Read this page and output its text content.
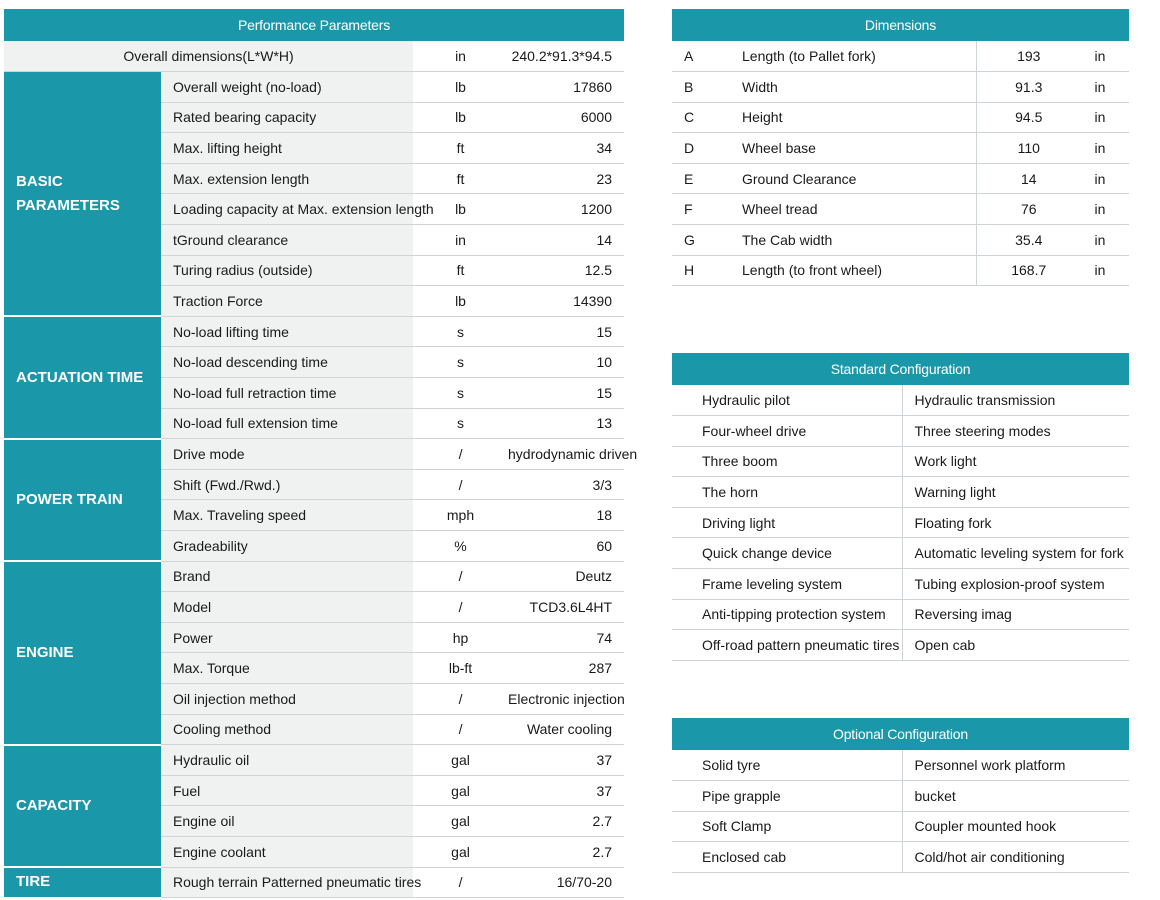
Performance Parameters
Overall dimensions(L*W*H)		in	240.2*91.3*94.5
BASIC
PARAMETERS	Overall weight (no-load)	lb	17860
	Rated bearing capacity	lb	6000
	Max. lifting height	ft	34
	Max. extension length	ft	23
	Loading capacity at Max. extension length	lb	1200
	tGround clearance	in	14
	Turing radius (outside)	ft	12.5
	Traction Force	lb	14390
ACTUATION TIME	No-load lifting time	s	15
	No-load descending time	s	10
	No-load full retraction time	s	15
	No-load full extension time	s	13
POWER TRAIN	Drive mode	/	hydrodynamic driven
	Shift (Fwd./Rwd.)	/	3/3
	Max. Traveling speed	mph	18
	Gradeability	%	60
ENGINE	Brand	/	Deutz
	Model	/	TCD3.6L4HT
	Power	hp	74
	Max. Torque	lb-ft	287
	Oil injection method	/	Electronic injection
	Cooling method	/	Water cooling
CAPACITY	Hydraulic oil	gal	37
	Fuel	gal	37
	Engine oil	gal	2.7
	Engine coolant	gal	2.7
TIRE	Rough terrain Patterned pneumatic tires	/	16/70-20
Dimensions
A	Length (to Pallet fork)	193	in
B	Width	91.3	in
C	Height	94.5	in
D	Wheel base	110	in
E	Ground Clearance	14	in
F	Wheel tread	76	in
G	The Cab width	35.4	in
H	Length (to front wheel)	168.7	in
Standard Configuration
Hydraulic pilot	Hydraulic transmission
Four-wheel drive	Three steering modes
Three boom	Work light
The horn	Warning light
Driving light	Floating fork
Quick change device	Automatic leveling system for fork
Frame leveling system	Tubing explosion-proof system
Anti-tipping protection system	Reversing imag
Off-road pattern pneumatic tires	Open cab
Optional Configuration
Solid tyre	Personnel work platform
Pipe grapple	bucket
Soft Clamp	Coupler mounted hook
Enclosed cab	Cold/hot air conditioning
